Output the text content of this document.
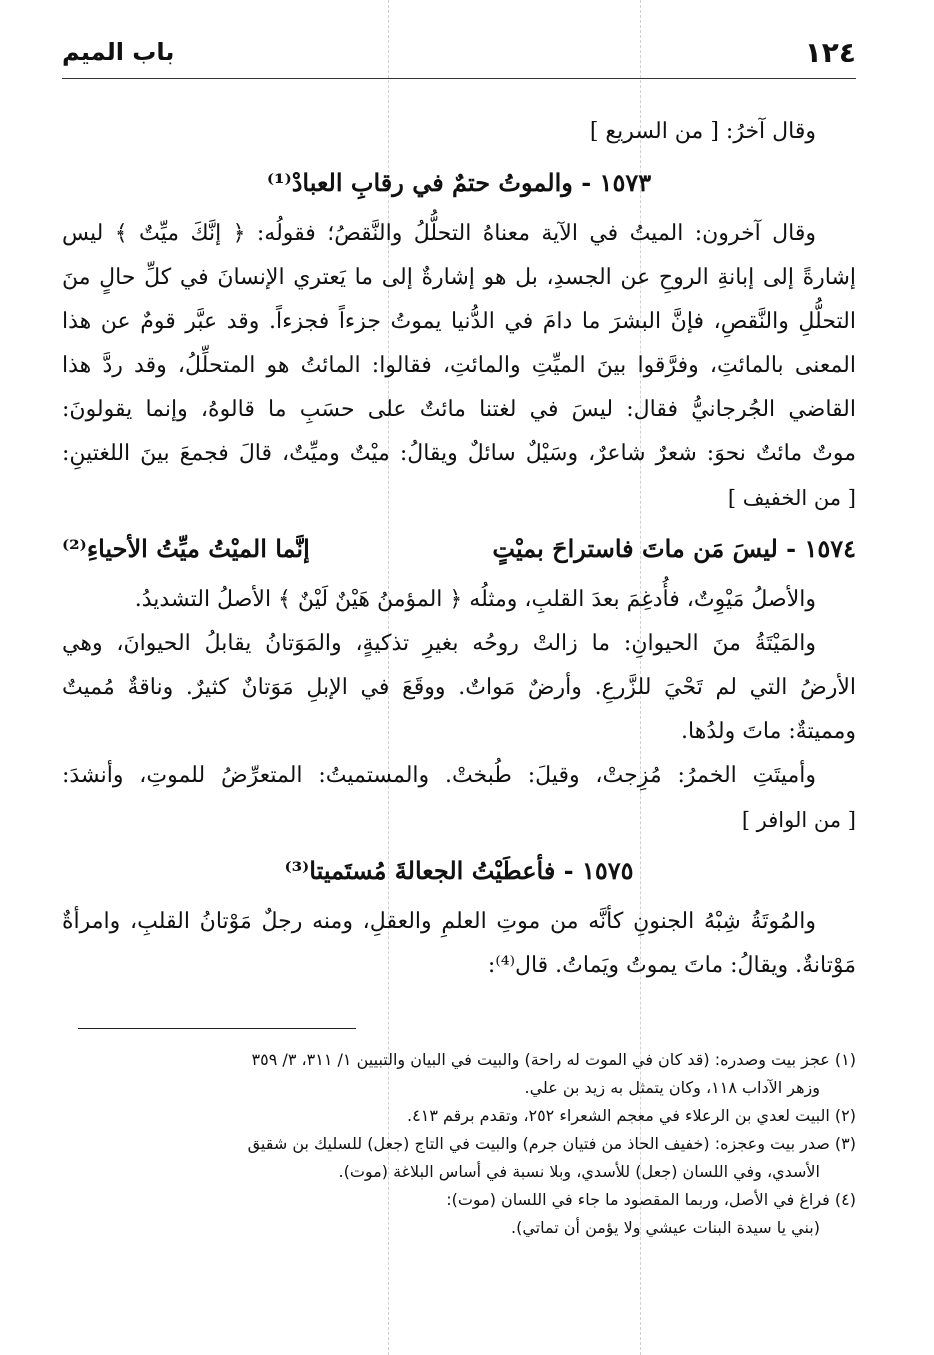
١٢٤
باب الميم
وقال آخرُ: [ من السريع ]
١٥٧٣ - والموتُ حتمٌ في رقابِ العبادْ⁽¹⁾
وقال آخرون: الميتُ في الآية معناهُ التحلُّلُ والنَّقصُ؛ فقولُه: ﴿ إنَّكَ ميِّتٌ ﴾ ليس
إشارةً إلى إبانةِ الروحِ عن الجسدِ، بل هو إشارةٌ إلى ما يَعتري الإنسانَ في كلِّ حالٍ منَ
التحلُّلِ والنَّقصِ، فإنَّ البشرَ ما دامَ في الدُّنيا يموتُ جزءاً فجزءاً. وقد عبَّر قومٌ عن هذا
المعنى بالمائتِ، وفرَّقوا بينَ الميِّتِ والمائتِ، فقالوا: المائتُ هو المتحلِّلُ، وقد ردَّ هذا
القاضي الجُرجانيُّ فقال: ليسَ في لغتنا مائتٌ على حسَبِ ما قالوهُ، وإنما يقولونَ:
موتٌ مائتٌ نحوَ: شعرٌ شاعرٌ، وسَيْلٌ سائلٌ ويقالُ: ميْتٌ وميِّتٌ، قالَ فجمعَ بينَ اللغتينِ:
[ من الخفيف ]
١٥٧٤ - ليسَ مَن ماتَ فاستراحَ بميْتٍ
إنَّما الميْتُ ميِّتُ الأحياءِ⁽²⁾
والأصلُ مَيْوِتٌ، فأُدغِمَ بعدَ القلبِ، ومثلُه ﴿ المؤمنُ هَيْنٌ لَيْنٌ ﴾ الأصلُ التشديدُ.
والمَيْتَةُ منَ الحيوانِ: ما زالتْ روحُه بغيرِ تذكيةٍ، والمَوَتانُ يقابلُ الحيوانَ، وهي
الأرضُ التي لم تَحْيَ للزَّرعِ. وأرضٌ مَواتٌ. ووقَعَ في الإبلِ مَوَتانٌ كثيرٌ. وناقةٌ مُميتٌ
ومميتةٌ: ماتَ ولدُها.
وأميتَتِ الخمرُ: مُزِجتْ، وقيلَ: طُبختْ. والمستميتُ: المتعرِّضُ للموتِ، وأنشدَ:
[ من الوافر ]
١٥٧٥ - فأعطَيْتُ الجعالةَ مُستَميتا⁽³⁾
والمُوتَةُ شِبْهُ الجنونِ كأنَّه من موتِ العلمِ والعقلِ، ومنه رجلٌ مَوْتانُ القلبِ، وامرأةٌ
مَوْتانةٌ. ويقالُ: ماتَ يموتُ ويَماتُ. قال⁽⁴⁾:
(١) عجز بيت وصدره: (قد كان في الموت له راحة) والبيت في البيان والتبيين ١/ ٣١١، ٣/ ٣٥٩
وزهر الآداب ١١٨، وكان يتمثل به زيد بن علي.
(٢) البيت لعدي بن الرعلاء في معجم الشعراء ٢٥٢، وتقدم برقم ٤١٣.
(٣) صدر بيت وعجزه: (خفيف الحاذ من فتيان جرم) والبيت في التاج (جعل) للسليك بن شقيق
الأسدي، وفي اللسان (جعل) للأسدي، وبلا نسبة في أساس البلاغة (موت).
(٤) فراغ في الأصل، وربما المقصود ما جاء في اللسان (موت):
(بني يا سيدة البنات عيشي ولا يؤمن أن تماتي).
